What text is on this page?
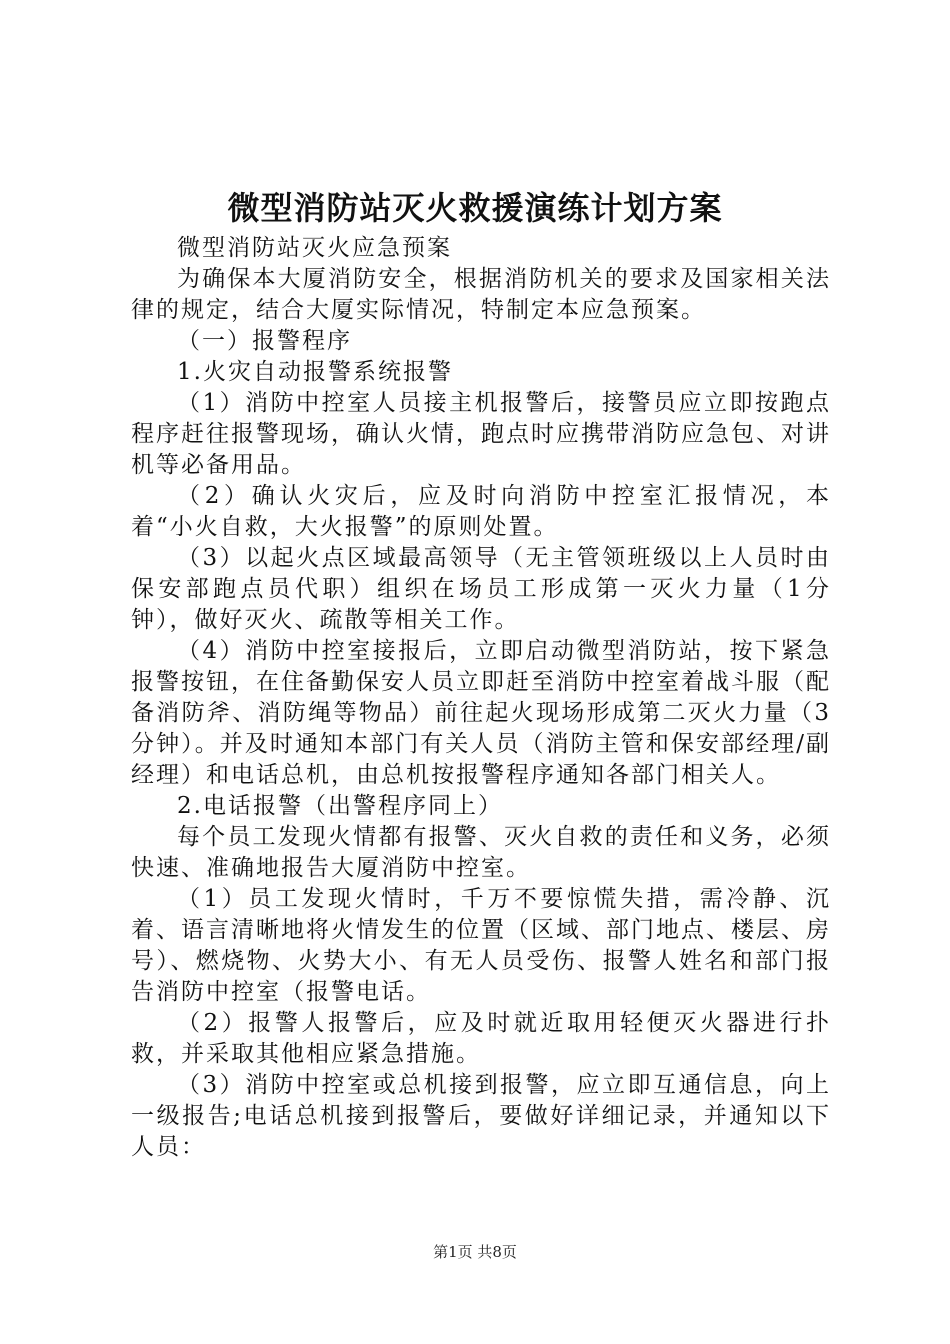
微型消防站灭火救援演练计划方案

微型消防站灭火应急预案

为确保本大厦消防安全，根据消防机关的要求及国家相关法律的规定，结合大厦实际情况，特制定本应急预案。

（一）报警程序

1.火灾自动报警系统报警

（1）消防中控室人员接主机报警后，接警员应立即按跑点程序赶往报警现场，确认火情，跑点时应携带消防应急包、对讲机等必备用品。

（2）确认火灾后，应及时向消防中控室汇报情况，本着“小火自救，大火报警”的原则处置。

（3）以起火点区域最高领导（无主管领班级以上人员时由保安部跑点员代职）组织在场员工形成第一灭火力量（1分钟），做好灭火、疏散等相关工作。

（4）消防中控室接报后，立即启动微型消防站，按下紧急报警按钮，在住备勤保安人员立即赶至消防中控室着战斗服（配备消防斧、消防绳等物品）前往起火现场形成第二灭火力量（3分钟）。并及时通知本部门有关人员（消防主管和保安部经理/副经理）和电话总机，由总机按报警程序通知各部门相关人。

2.电话报警（出警程序同上）

每个员工发现火情都有报警、灭火自救的责任和义务，必须快速、准确地报告大厦消防中控室。

（1）员工发现火情时，千万不要惊慌失措，需冷静、沉着、语言清晰地将火情发生的位置（区域、部门地点、楼层、房号）、燃烧物、火势大小、有无人员受伤、报警人姓名和部门报告消防中控室（报警电话。

（2）报警人报警后，应及时就近取用轻便灭火器进行扑救，并采取其他相应紧急措施。

（3）消防中控室或总机接到报警，应立即互通信息，向上一级报告;电话总机接到报警后，要做好详细记录，并通知以下人员：

第1页 共8页
